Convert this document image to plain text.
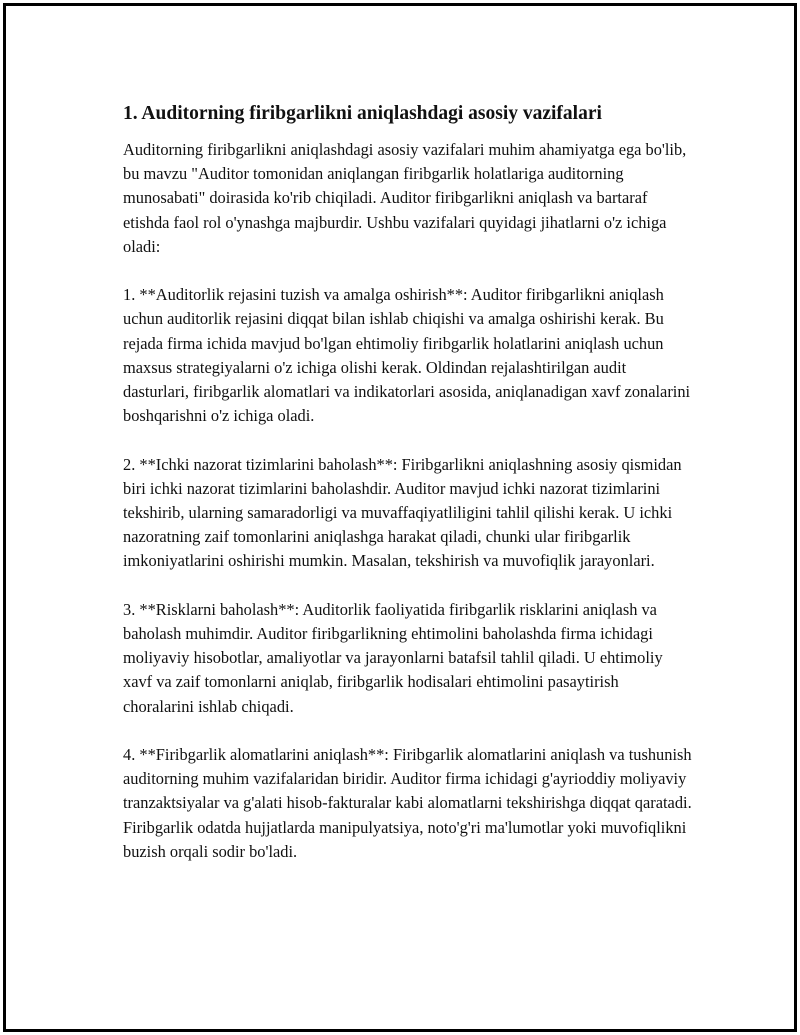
1. Auditorning firibgarlikni aniqlashdagi asosiy vazifalari

Auditorning firibgarlikni aniqlashdagi asosiy vazifalari muhim ahamiyatga ega bo'lib, bu mavzu "Auditor tomonidan aniqlangan firibgarlik holatlariga auditorning munosabati" doirasida ko'rib chiqiladi. Auditor firibgarlikni aniqlash va bartaraf etishda faol rol o'ynashga majburdir. Ushbu vazifalari quyidagi jihatlarni o'z ichiga oladi:

1. **Auditorlik rejasini tuzish va amalga oshirish**: Auditor firibgarlikni aniqlash uchun auditorlik rejasini diqqat bilan ishlab chiqishi va amalga oshirishi kerak. Bu rejada firma ichida mavjud bo'lgan ehtimoliy firibgarlik holatlarini aniqlash uchun maxsus strategiyalarni o'z ichiga olishi kerak. Oldindan rejalashtirilgan audit dasturlari, firibgarlik alomatlari va indikatorlari asosida, aniqlanadigan xavf zonalarini boshqarishni o'z ichiga oladi.

2. **Ichki nazorat tizimlarini baholash**: Firibgarlikni aniqlashning asosiy qismidan biri ichki nazorat tizimlarini baholashdir. Auditor mavjud ichki nazorat tizimlarini tekshirib, ularning samaradorligi va muvaffaqiyatliligini tahlil qilishi kerak. U ichki nazoratning zaif tomonlarini aniqlashga harakat qiladi, chunki ular firibgarlik imkoniyatlarini oshirishi mumkin. Masalan, tekshirish va muvofiqlik jarayonlari.

3. **Risklarni baholash**: Auditorlik faoliyatida firibgarlik risklarini aniqlash va baholash muhimdir. Auditor firibgarlikning ehtimolini baholashda firma ichidagi moliyaviy hisobotlar, amaliyotlar va jarayonlarni batafsil tahlil qiladi. U ehtimoliy xavf va zaif tomonlarni aniqlab, firibgarlik hodisalari ehtimolini pasaytirish choralarini ishlab chiqadi.

4. **Firibgarlik alomatlarini aniqlash**: Firibgarlik alomatlarini aniqlash va tushunish auditorning muhim vazifalaridan biridir. Auditor firma ichidagi g'ayrioddiy moliyaviy tranzaktsiyalar va g'alati hisob-fakturalar kabi alomatlarni tekshirishga diqqat qaratadi. Firibgarlik odatda hujjatlarda manipulyatsiya, noto'g'ri ma'lumotlar yoki muvofiqlikni buzish orqali sodir bo'ladi.
